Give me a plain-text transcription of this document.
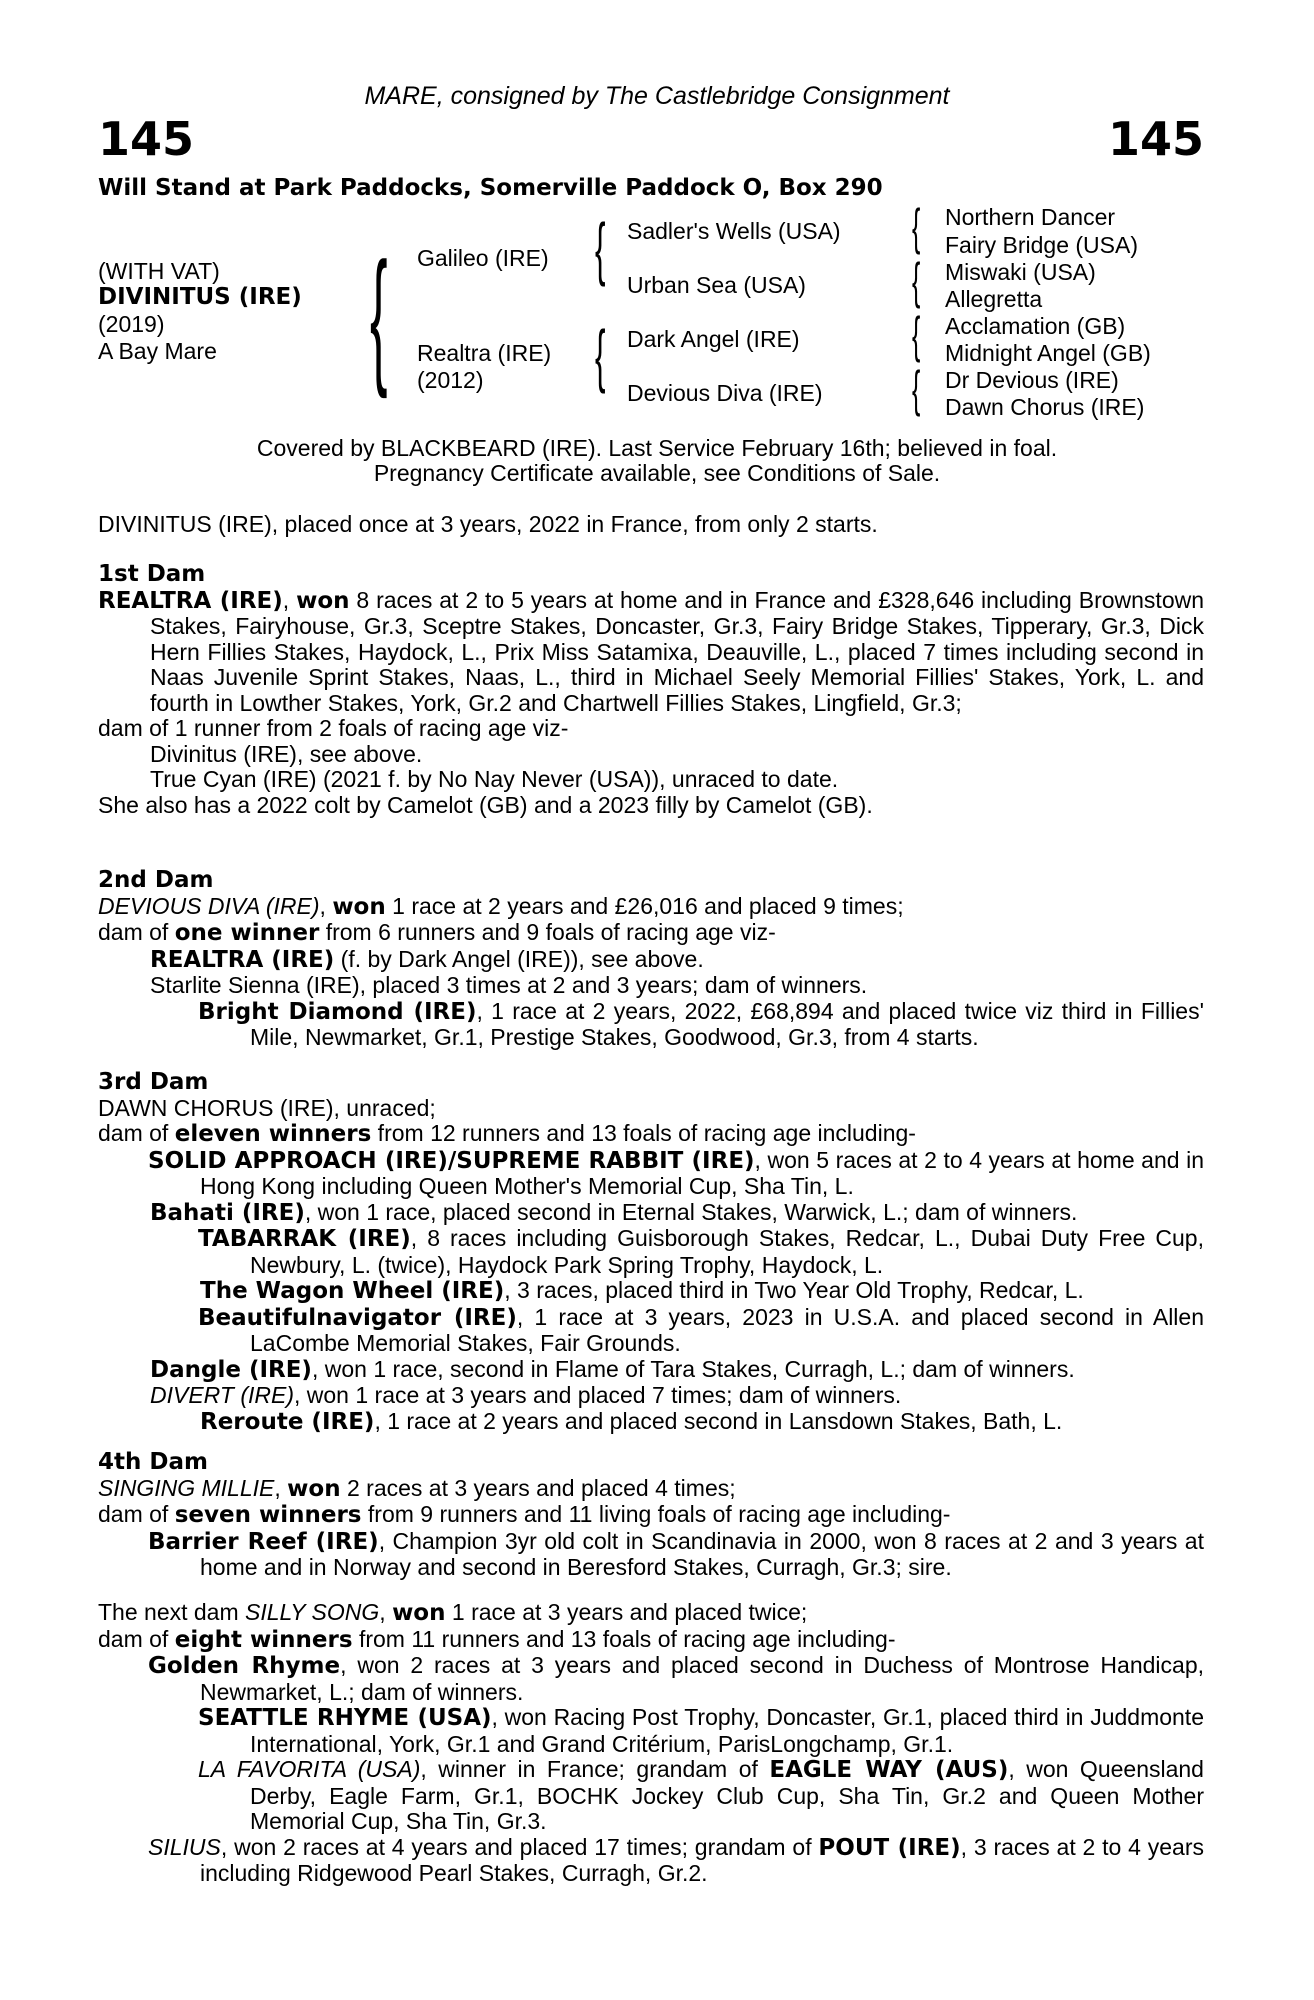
MARE, consigned by The Castlebridge Consignment
145	145
Will Stand at Park Paddocks, Somerville Paddock O, Box 290
(WITH VAT)
DIVINITUS (IRE)
(2019)
A Bay Mare { Galileo (IRE)
Realtra (IRE)
(2012)
{
{
Sadler's Wells (USA)
Urban Sea (USA)
Dark Angel (IRE)
Devious Diva (IRE)
{
{
{
{
Northern Dancer
Fairy Bridge (USA)
Miswaki (USA)
Allegretta
Acclamation (GB)
Midnight Angel (GB)
Dr Devious (IRE)
Dawn Chorus (IRE)
Covered by BLACKBEARD (IRE). Last Service February 16th; believed in foal.
Pregnancy Certificate available, see Conditions of Sale.
DIVINITUS (IRE), placed once at 3 years, 2022 in France, from only 2 starts.

1st Dam

REALTRA (IRE), won 8 races at 2 to 5 years at home and in France and £328,646 including Brownstown Stakes, Fairyhouse, Gr.3, Sceptre Stakes, Doncaster, Gr.3, Fairy Bridge Stakes, Tipperary, Gr.3, Dick Hern Fillies Stakes, Haydock, L., Prix Miss Satamixa, Deauville, L., placed 7 times including second in Naas Juvenile Sprint Stakes, Naas, L., third in Michael Seely Memorial Fillies' Stakes, York, L. and fourth in Lowther Stakes, York, Gr.2 and Chartwell Fillies Stakes, Lingfield, Gr.3;

dam of 1 runner from 2 foals of racing age viz-

Divinitus (IRE), see above.

True Cyan (IRE) (2021 f. by No Nay Never (USA)), unraced to date.

She also has a 2022 colt by Camelot (GB) and a 2023 filly by Camelot (GB).

2nd Dam

DEVIOUS DIVA (IRE), won 1 race at 2 years and £26,016 and placed 9 times;

dam of one winner from 6 runners and 9 foals of racing age viz-

REALTRA (IRE) (f. by Dark Angel (IRE)), see above.

Starlite Sienna (IRE), placed 3 times at 2 and 3 years; dam of winners.

Bright Diamond (IRE), 1 race at 2 years, 2022, £68,894 and placed twice viz third in Fillies' Mile, Newmarket, Gr.1, Prestige Stakes, Goodwood, Gr.3, from 4 starts.

3rd Dam

DAWN CHORUS (IRE), unraced;

dam of eleven winners from 12 runners and 13 foals of racing age including-

SOLID APPROACH (IRE)/SUPREME RABBIT (IRE), won 5 races at 2 to 4 years at home and in Hong Kong including Queen Mother's Memorial Cup, Sha Tin, L.

Bahati (IRE), won 1 race, placed second in Eternal Stakes, Warwick, L.; dam of winners.

TABARRAK (IRE), 8 races including Guisborough Stakes, Redcar, L., Dubai Duty Free Cup, Newbury, L. (twice), Haydock Park Spring Trophy, Haydock, L.

The Wagon Wheel (IRE), 3 races, placed third in Two Year Old Trophy, Redcar, L.

Beautifulnavigator (IRE), 1 race at 3 years, 2023 in U.S.A. and placed second in Allen LaCombe Memorial Stakes, Fair Grounds.

Dangle (IRE), won 1 race, second in Flame of Tara Stakes, Curragh, L.; dam of winners.

DIVERT (IRE), won 1 race at 3 years and placed 7 times; dam of winners.

Reroute (IRE), 1 race at 2 years and placed second in Lansdown Stakes, Bath, L.

4th Dam

SINGING MILLIE, won 2 races at 3 years and placed 4 times;

dam of seven winners from 9 runners and 11 living foals of racing age including-

Barrier Reef (IRE), Champion 3yr old colt in Scandinavia in 2000, won 8 races at 2 and 3 years at home and in Norway and second in Beresford Stakes, Curragh, Gr.3; sire.

The next dam SILLY SONG, won 1 race at 3 years and placed twice;

dam of eight winners from 11 runners and 13 foals of racing age including-

Golden Rhyme, won 2 races at 3 years and placed second in Duchess of Montrose Handicap, Newmarket, L.; dam of winners.

SEATTLE RHYME (USA), won Racing Post Trophy, Doncaster, Gr.1, placed third in Juddmonte International, York, Gr.1 and Grand Critérium, ParisLongchamp, Gr.1.

LA FAVORITA (USA), winner in France; grandam of EAGLE WAY (AUS), won Queensland Derby, Eagle Farm, Gr.1, BOCHK Jockey Club Cup, Sha Tin, Gr.2 and Queen Mother Memorial Cup, Sha Tin, Gr.3.

SILIUS, won 2 races at 4 years and placed 17 times; grandam of POUT (IRE), 3 races at 2 to 4 years including Ridgewood Pearl Stakes, Curragh, Gr.2.
